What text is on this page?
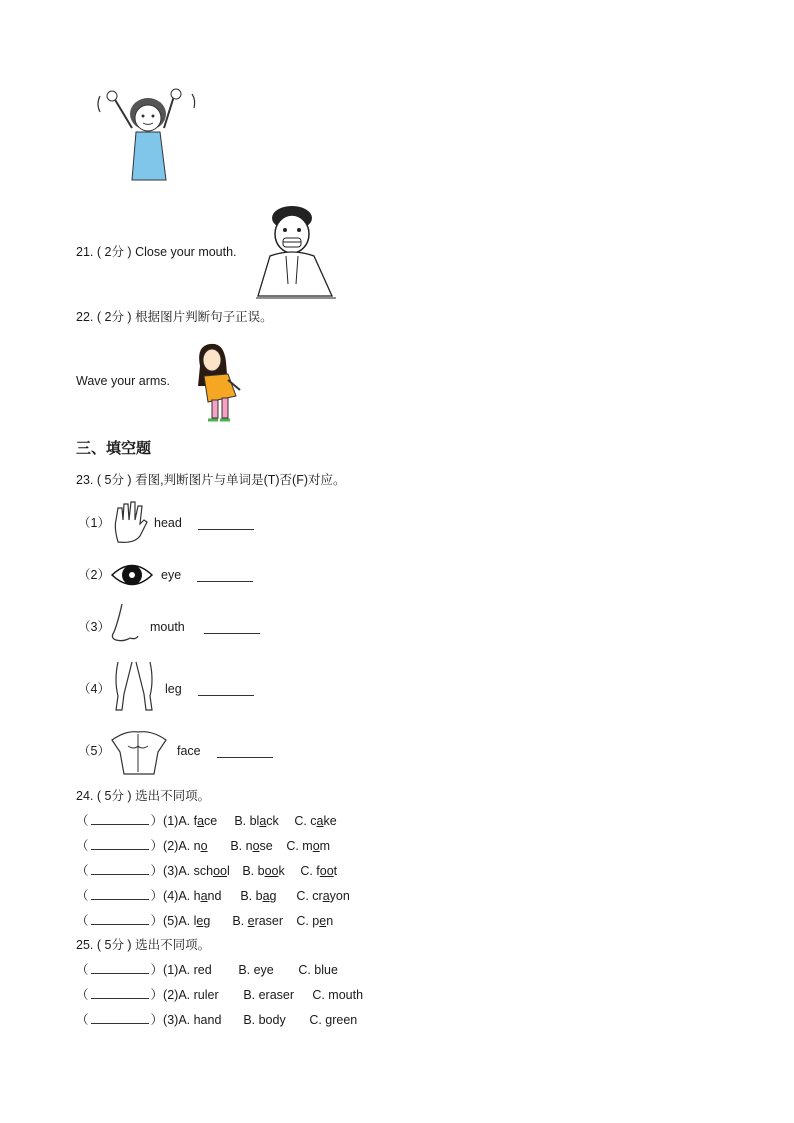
21. ( 2分 ) Close your mouth.
22. ( 2分 ) 根据图片判断句子正误。
Wave your arms.
三、填空题
23. ( 5分 ) 看图,判断图片与单词是(T)否(F)对应。
（1）	head
（2）	eye
（3）	mouth
（4）	leg
（5）	face
24. ( 5分 ) 选出不同项。
（	）(1)A. face B. black C. cake
（	）(2)A. no B. nose C. mom
（	）(3)A. school B. book C. foot
（	）(4)A. hand B. bag C. crayon
（	）(5)A. leg B. eraser C. pen
25. ( 5分 ) 选出不同项。
（	）(1)A. red B. eye C. blue
（	）(2)A. ruler B. eraser C. mouth
（	）(3)A. hand B. body C. green
